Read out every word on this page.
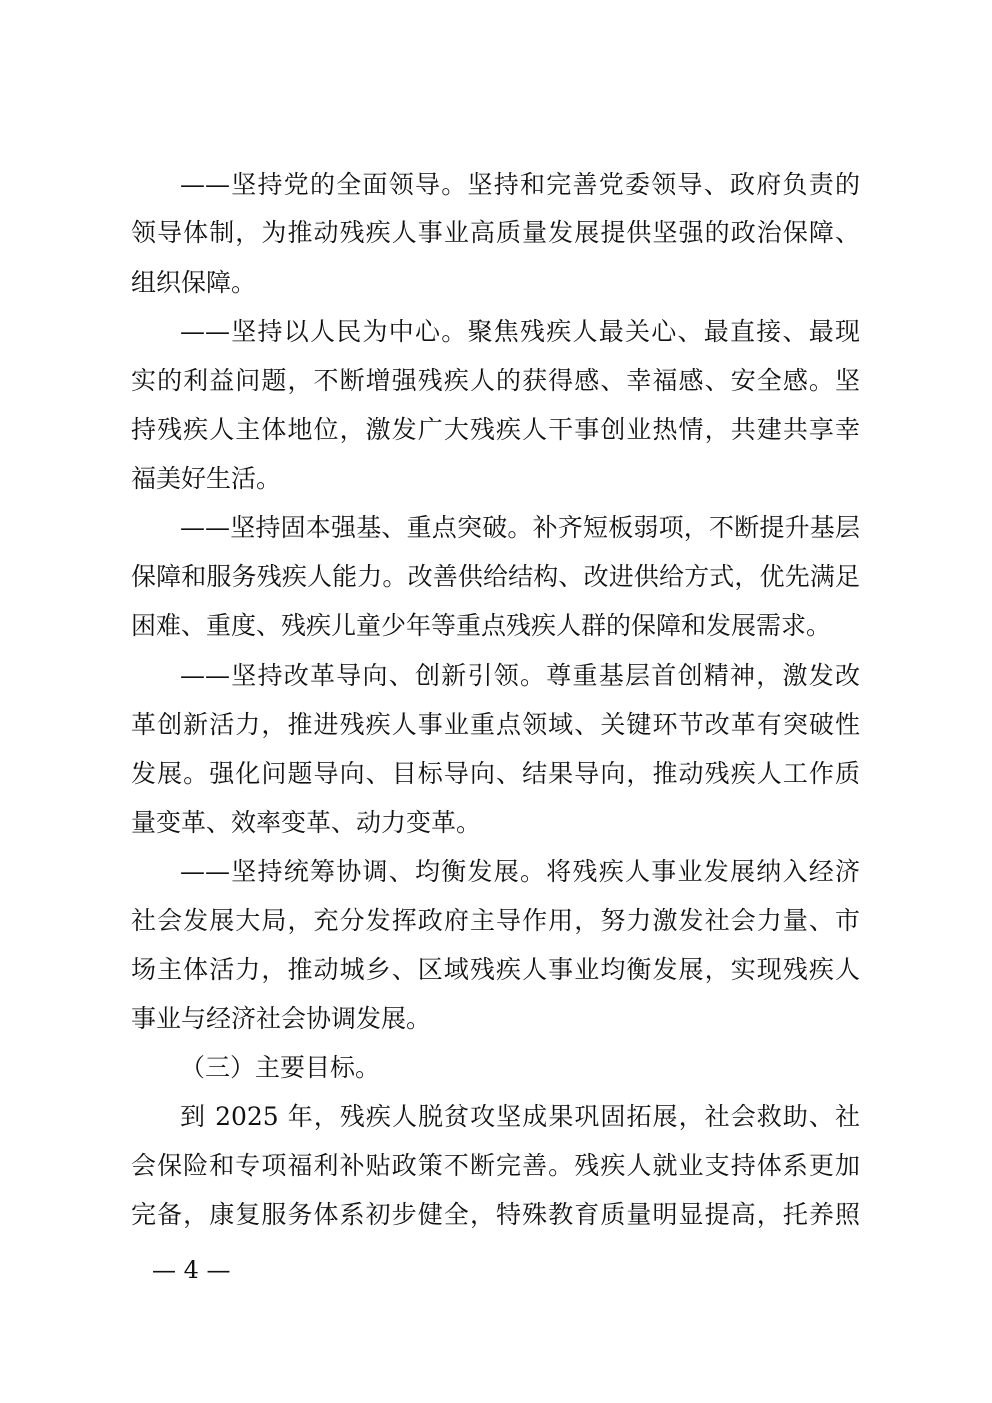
——坚持党的全面领导。坚持和完善党委领导、政府负责的
领导体制，为推动残疾人事业高质量发展提供坚强的政治保障、
组织保障。
——坚持以人民为中心。聚焦残疾人最关心、最直接、最现
实的利益问题，不断增强残疾人的获得感、幸福感、安全感。坚
持残疾人主体地位，激发广大残疾人干事创业热情，共建共享幸
福美好生活。
——坚持固本强基、重点突破。补齐短板弱项，不断提升基层
保障和服务残疾人能力。改善供给结构、改进供给方式，优先满足
困难、重度、残疾儿童少年等重点残疾人群的保障和发展需求。
——坚持改革导向、创新引领。尊重基层首创精神，激发改
革创新活力，推进残疾人事业重点领域、关键环节改革有突破性
发展。强化问题导向、目标导向、结果导向，推动残疾人工作质
量变革、效率变革、动力变革。
——坚持统筹协调、均衡发展。将残疾人事业发展纳入经济
社会发展大局，充分发挥政府主导作用，努力激发社会力量、市
场主体活力，推动城乡、区域残疾人事业均衡发展，实现残疾人
事业与经济社会协调发展。
（三）主要目标。
到 2025 年，残疾人脱贫攻坚成果巩固拓展，社会救助、社
会保险和专项福利补贴政策不断完善。残疾人就业支持体系更加
完备，康复服务体系初步健全，特殊教育质量明显提高，托养照
— 4 —
